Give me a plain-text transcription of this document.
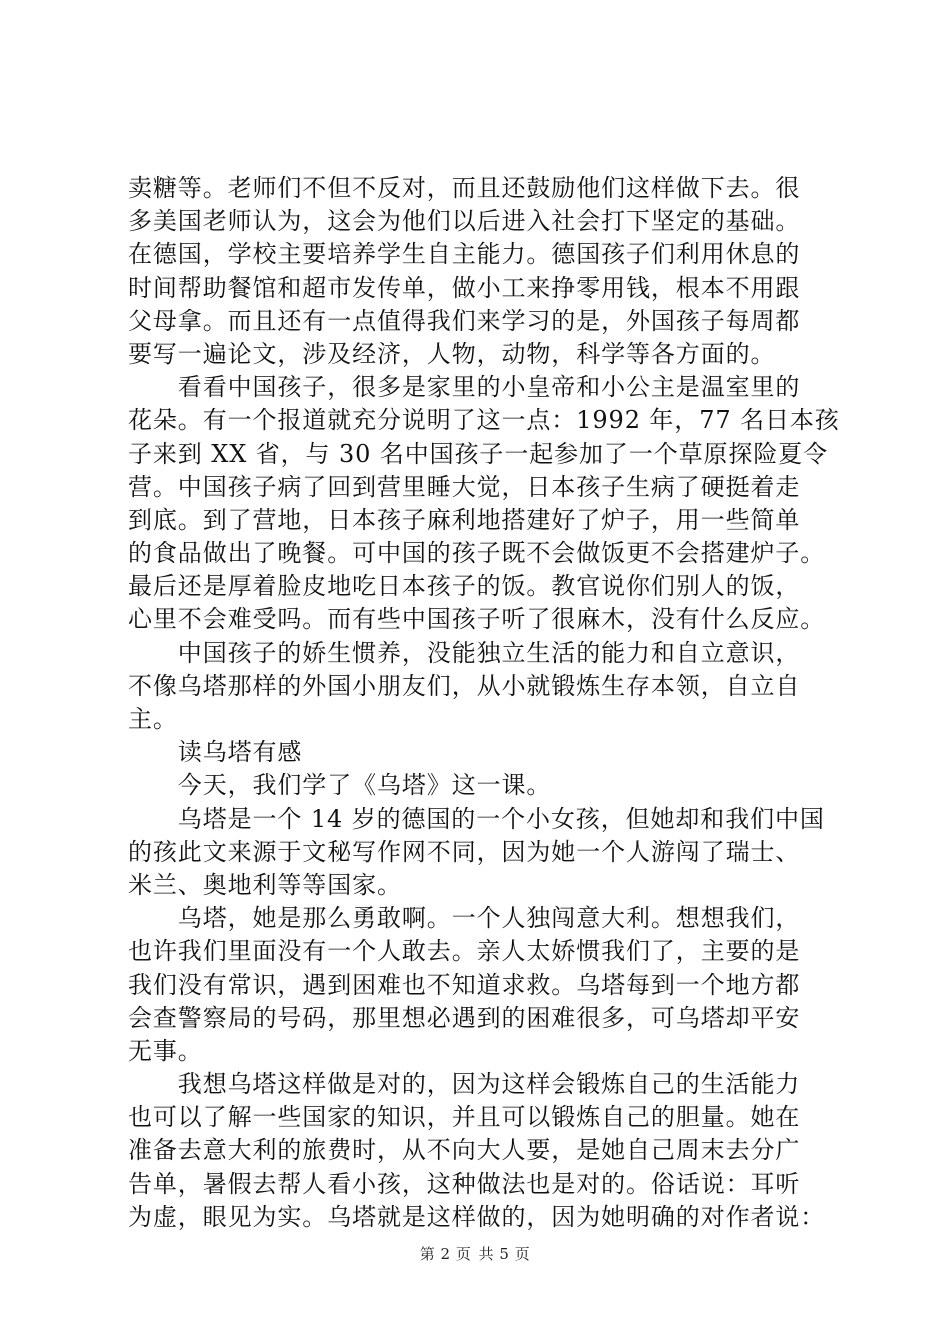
卖糖等。老师们不但不反对，而且还鼓励他们这样做下去。很
多美国老师认为，这会为他们以后进入社会打下坚定的基础。
在德国，学校主要培养学生自主能力。德国孩子们利用休息的
时间帮助餐馆和超市发传单，做小工来挣零用钱，根本不用跟
父母拿。而且还有一点值得我们来学习的是，外国孩子每周都
要写一遍论文，涉及经济，人物，动物，科学等各方面的。
　　看看中国孩子，很多是家里的小皇帝和小公主是温室里的
花朵。有一个报道就充分说明了这一点：1992 年，77 名日本孩
子来到 XX 省，与 30 名中国孩子一起参加了一个草原探险夏令
营。中国孩子病了回到营里睡大觉，日本孩子生病了硬挺着走
到底。到了营地，日本孩子麻利地搭建好了炉子，用一些简单
的食品做出了晚餐。可中国的孩子既不会做饭更不会搭建炉子。
最后还是厚着脸皮地吃日本孩子的饭。教官说你们别人的饭，
心里不会难受吗。而有些中国孩子听了很麻木，没有什么反应。
　　中国孩子的娇生惯养，没能独立生活的能力和自立意识，
不像乌塔那样的外国小朋友们，从小就锻炼生存本领，自立自
主。
　　读乌塔有感
　　今天，我们学了《乌塔》这一课。
　　乌塔是一个 14 岁的德国的一个小女孩，但她却和我们中国
的孩此文来源于文秘写作网不同，因为她一个人游闯了瑞士、
米兰、奥地利等等国家。
　　乌塔，她是那么勇敢啊。一个人独闯意大利。想想我们，
也许我们里面没有一个人敢去。亲人太娇惯我们了，主要的是
我们没有常识，遇到困难也不知道求救。乌塔每到一个地方都
会查警察局的号码，那里想必遇到的困难很多，可乌塔却平安
无事。
　　我想乌塔这样做是对的，因为这样会锻炼自己的生活能力
也可以了解一些国家的知识，并且可以锻炼自己的胆量。她在
准备去意大利的旅费时，从不向大人要，是她自己周末去分广
告单，暑假去帮人看小孩，这种做法也是对的。俗话说：耳听
为虚，眼见为实。乌塔就是这样做的，因为她明确的对作者说：
第 2 页 共 5 页
